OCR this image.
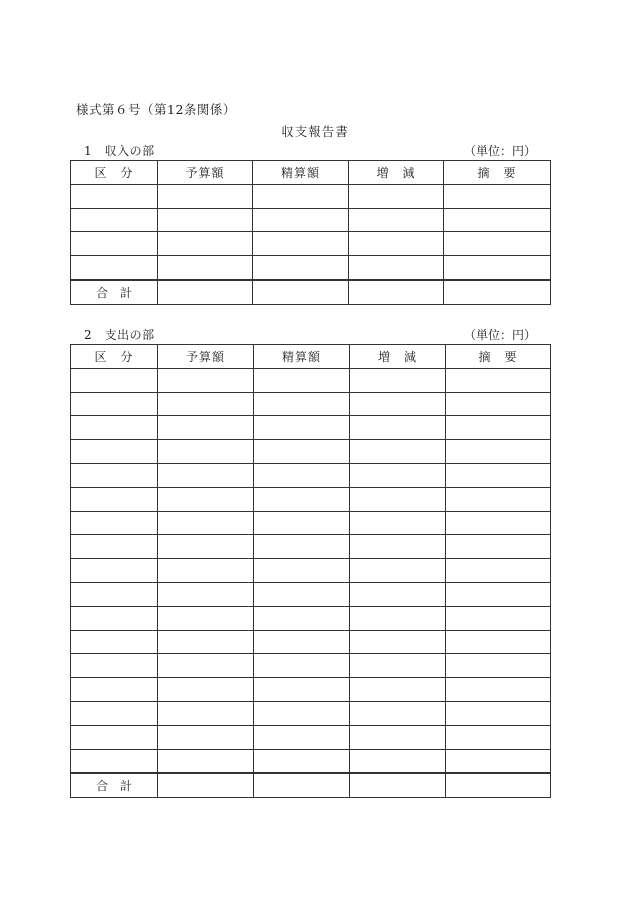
様式第６号（第12条関係）
収支報告書
1　収入の部	（単位：円）
区　分	予算額	精算額	増　減	摘　要

合　計				
2　支出の部	（単位：円）
区　分	予算額	精算額	増　減	摘　要

合　計				
